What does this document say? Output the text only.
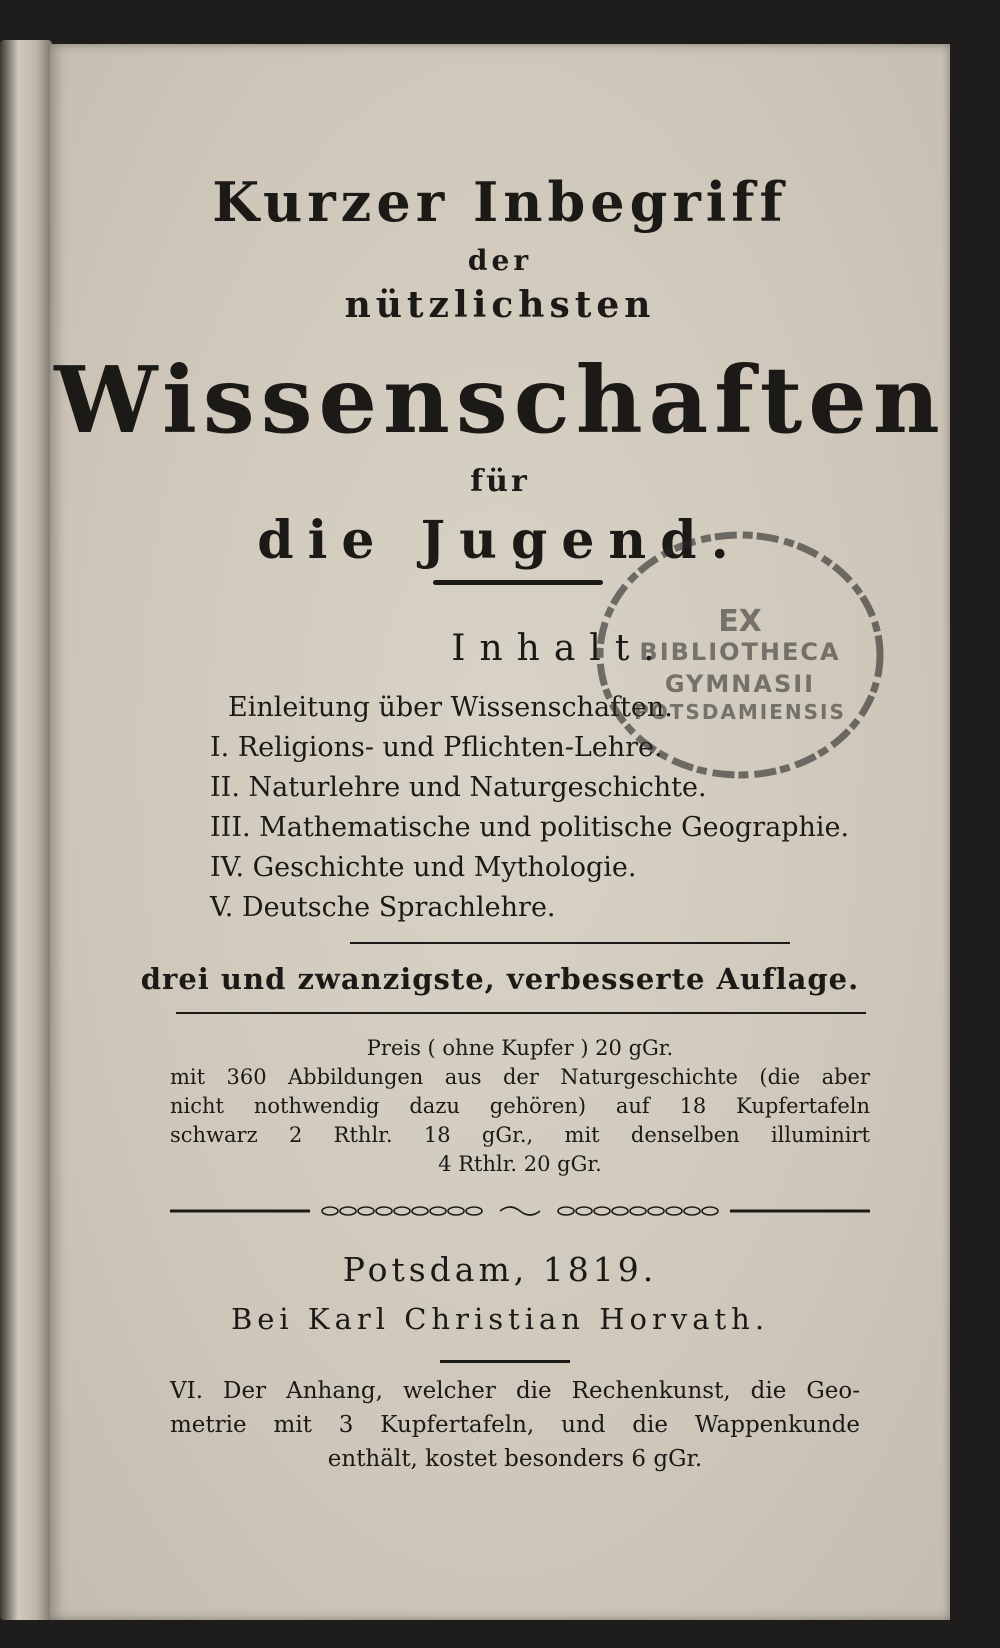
Kurzer Inbegriff
der
nützlichsten
Wissenschaften
für
die Jugend.
Inhalt.
Einleitung über Wissenschaften.
I. Religions- und Pflichten-Lehre.
II. Naturlehre und Naturgeschichte.
III. Mathematische und politische Geographie.
IV. Geschichte und Mythologie.
V. Deutsche Sprachlehre.
drei und zwanzigste, verbesserte Auflage.
Preis ( ohne Kupfer ) 20 gGr.
mit 360 Abbildungen aus der Naturgeschichte (die aber
nicht nothwendig dazu gehören) auf 18 Kupfertafeln
schwarz 2 Rthlr. 18 gGr., mit denselben illuminirt
4 Rthlr. 20 gGr.
Potsdam, 1819.
Bei Karl Christian Horvath.
VI. Der Anhang, welcher die Rechenkunst, die Geo-
metrie mit 3 Kupfertafeln, und die Wappenkunde
enthält, kostet besonders 6 gGr.
EX
BIBLIOTHECA
GYMNASII
POTSDAMIENSIS
